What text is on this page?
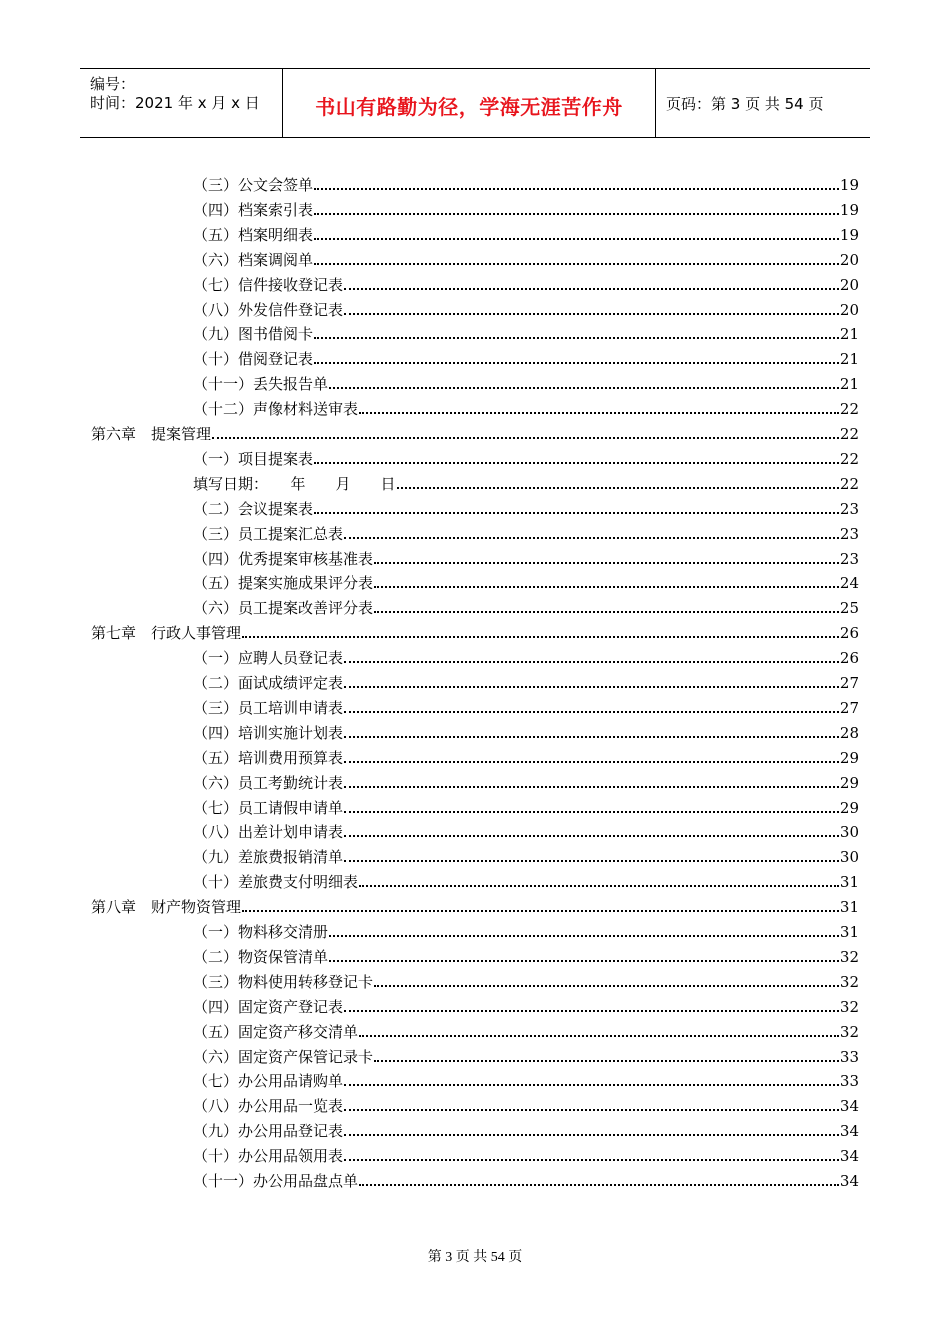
编号：
时间：2021 年 x 月 x 日	书山有路勤为径，学海无涯苦作舟	页码：第 3 页 共 54 页
（三）公文会签单	19
（四）档案索引表	19
（五）档案明细表	19
（六）档案调阅单	20
（七）信件接收登记表	20
（八）外发信件登记表	20
（九）图书借阅卡	21
（十）借阅登记表	21
（十一）丢失报告单	21
（十二）声像材料送审表	22
第六章　提案管理	22
（一）项目提案表	22
填写日期：　　年　　月　　日	22
（二）会议提案表	23
（三）员工提案汇总表	23
（四）优秀提案审核基准表	23
（五）提案实施成果评分表	24
（六）员工提案改善评分表	25
第七章　行政人事管理	26
（一）应聘人员登记表	26
（二）面试成绩评定表	27
（三）员工培训申请表	27
（四）培训实施计划表	28
（五）培训费用预算表	29
（六）员工考勤统计表	29
（七）员工请假申请单	29
（八）出差计划申请表	30
（九）差旅费报销清单	30
（十）差旅费支付明细表	31
第八章　财产物资管理	31
（一）物料移交清册	31
（二）物资保管清单	32
（三）物料使用转移登记卡	32
（四）固定资产登记表	32
（五）固定资产移交清单	32
（六）固定资产保管记录卡	33
（七）办公用品请购单	33
（八）办公用品一览表	34
（九）办公用品登记表	34
（十）办公用品领用表	34
（十一）办公用品盘点单	34
第 3 页 共 54 页
